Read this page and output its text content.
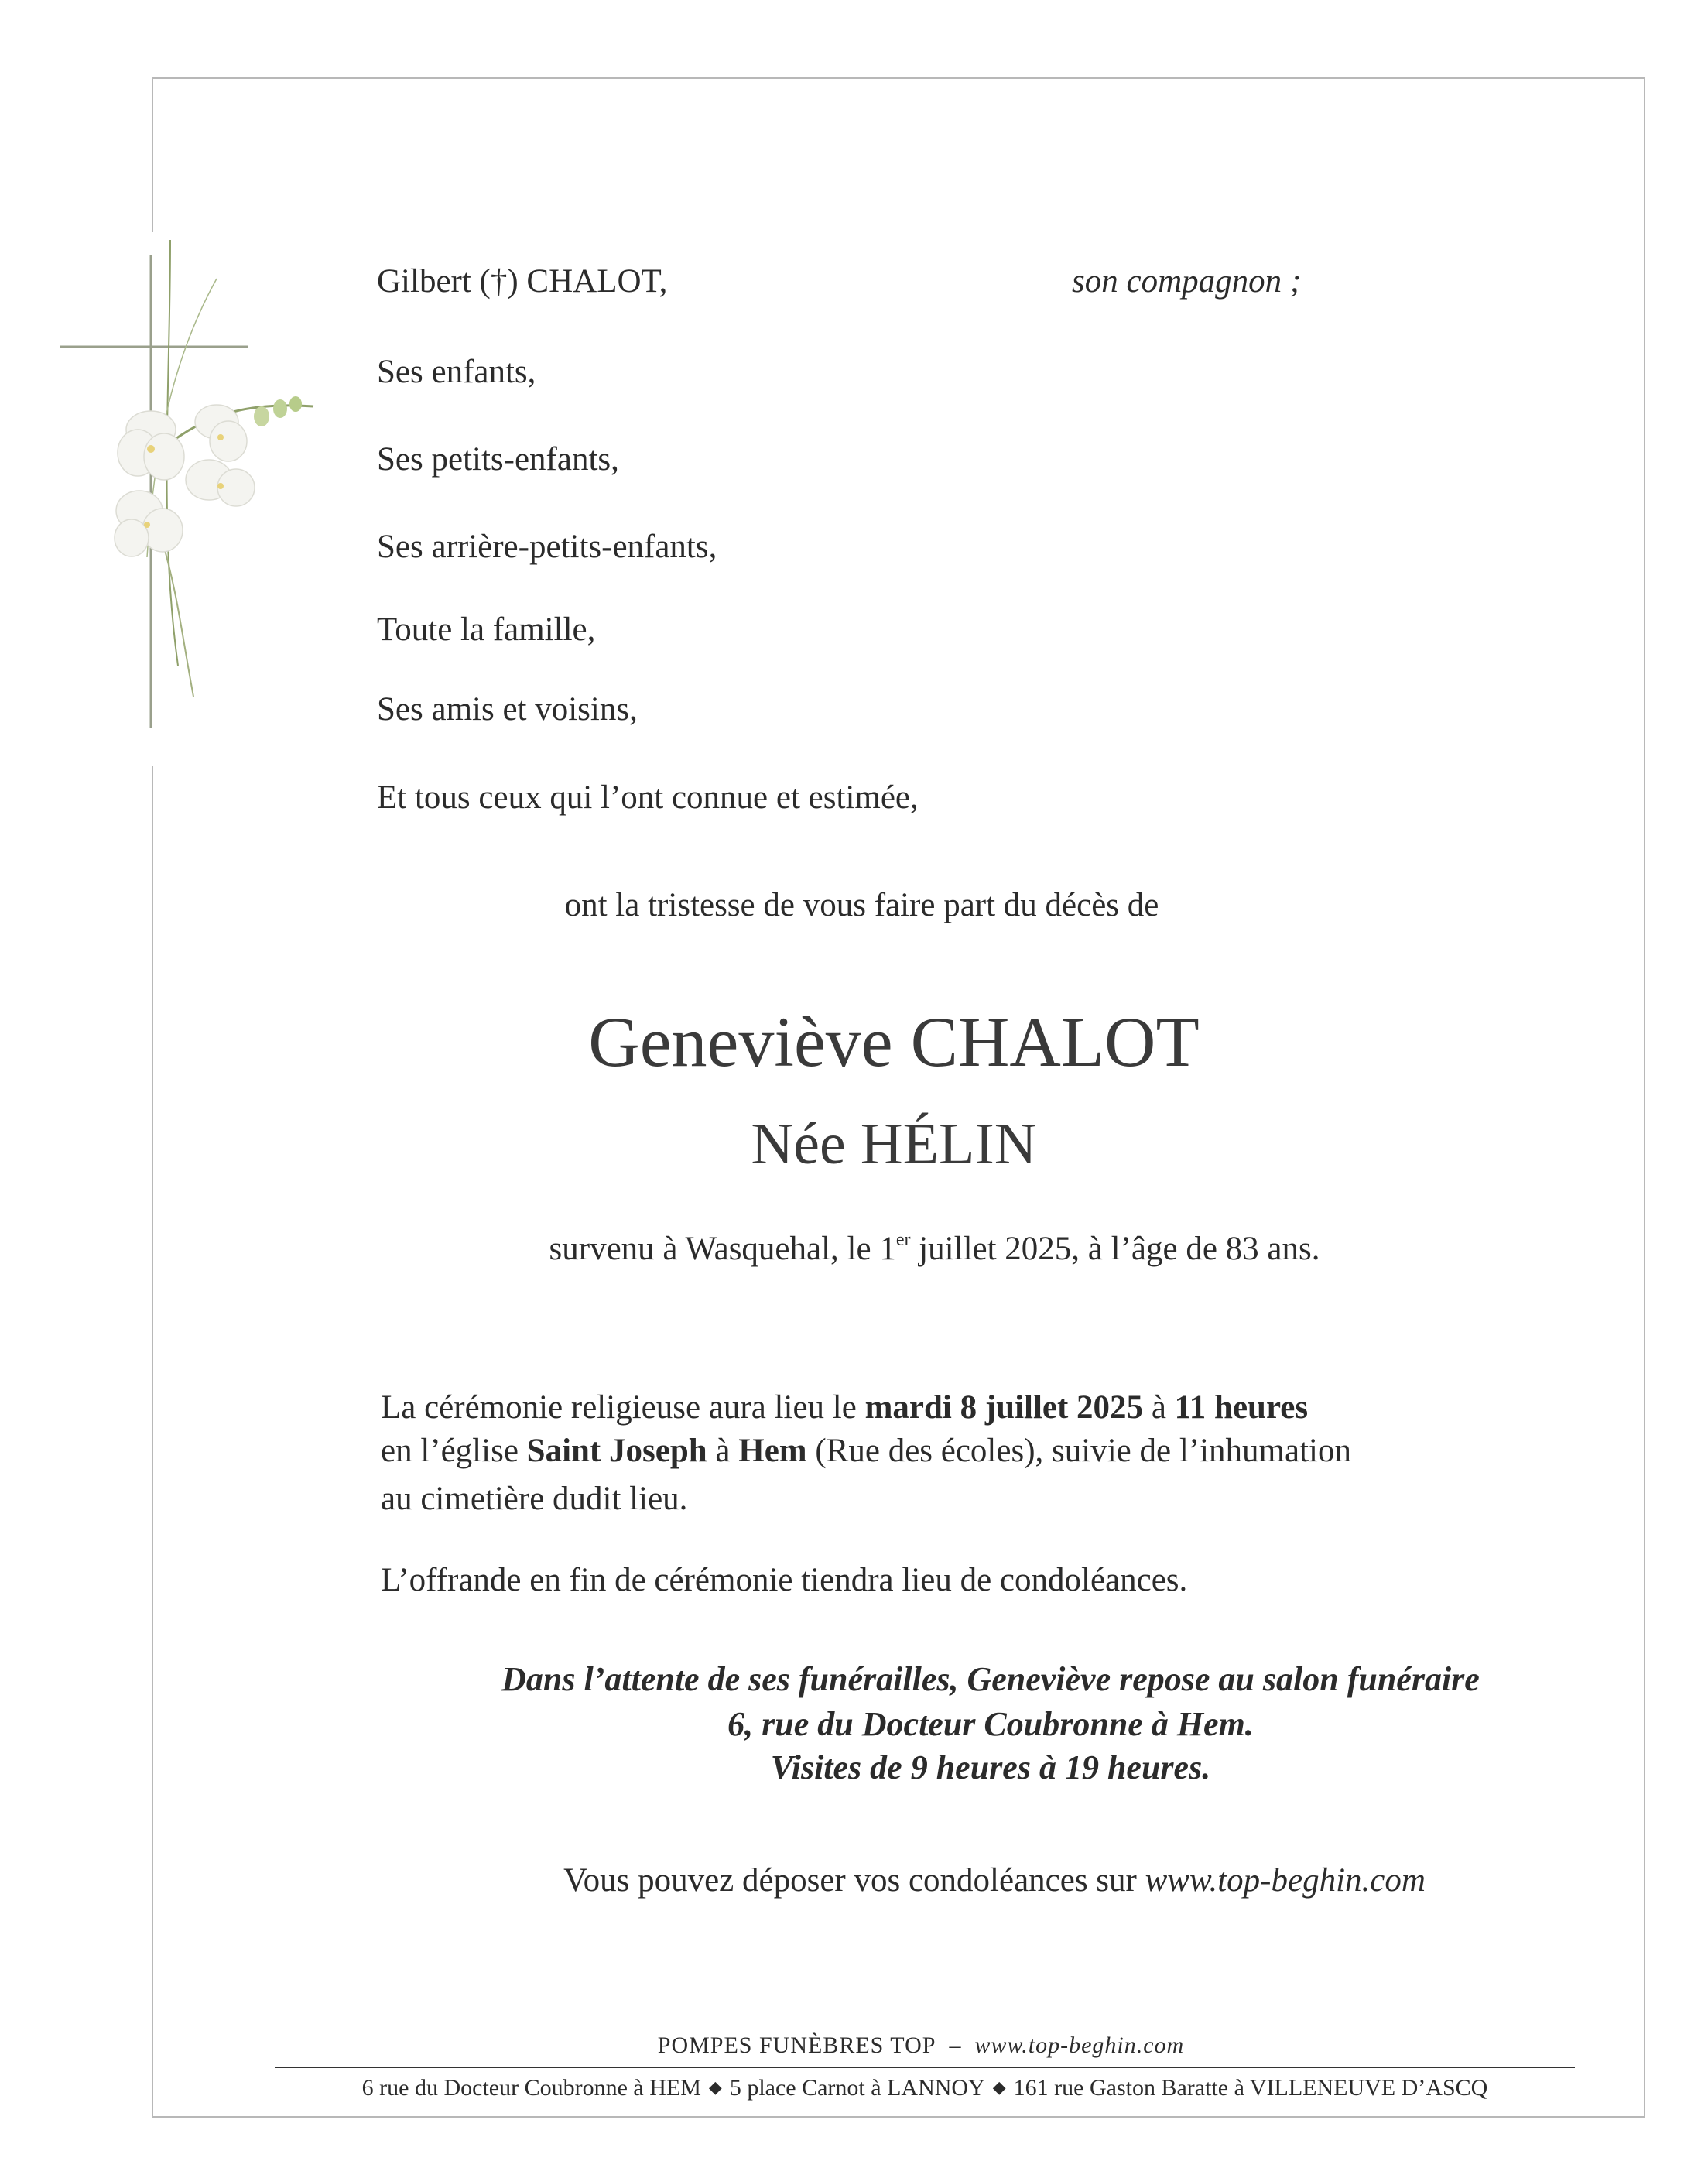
Gilbert (†) CHALOT,	son compagnon ;
Ses enfants,
Ses petits-enfants,
Ses arrière-petits-enfants,
Toute la famille,
Ses amis et voisins,
Et tous ceux qui l’ont connue et estimée,
ont la tristesse de vous faire part du décès de
Geneviève CHALOT
Née HÉLIN
survenu à Wasquehal, le 1er juillet 2025, à l’âge de 83 ans.
La cérémonie religieuse aura lieu le mardi 8 juillet 2025 à 11 heures
en l’église Saint Joseph à Hem (Rue des écoles), suivie de l’inhumation
au cimetière dudit lieu.
L’offrande en fin de cérémonie tiendra lieu de condoléances.
Dans l’attente de ses funérailles, Geneviève repose au salon funéraire
6, rue du Docteur Coubronne à Hem.
Visites de 9 heures à 19 heures.
Vous pouvez déposer vos condoléances sur www.top-beghin.com
POMPES FUNÈBRES TOP – www.top-beghin.com
6 rue du Docteur Coubronne à HEM ◆ 5 place Carnot à LANNOY ◆ 161 rue Gaston Baratte à VILLENEUVE D’ASCQ
